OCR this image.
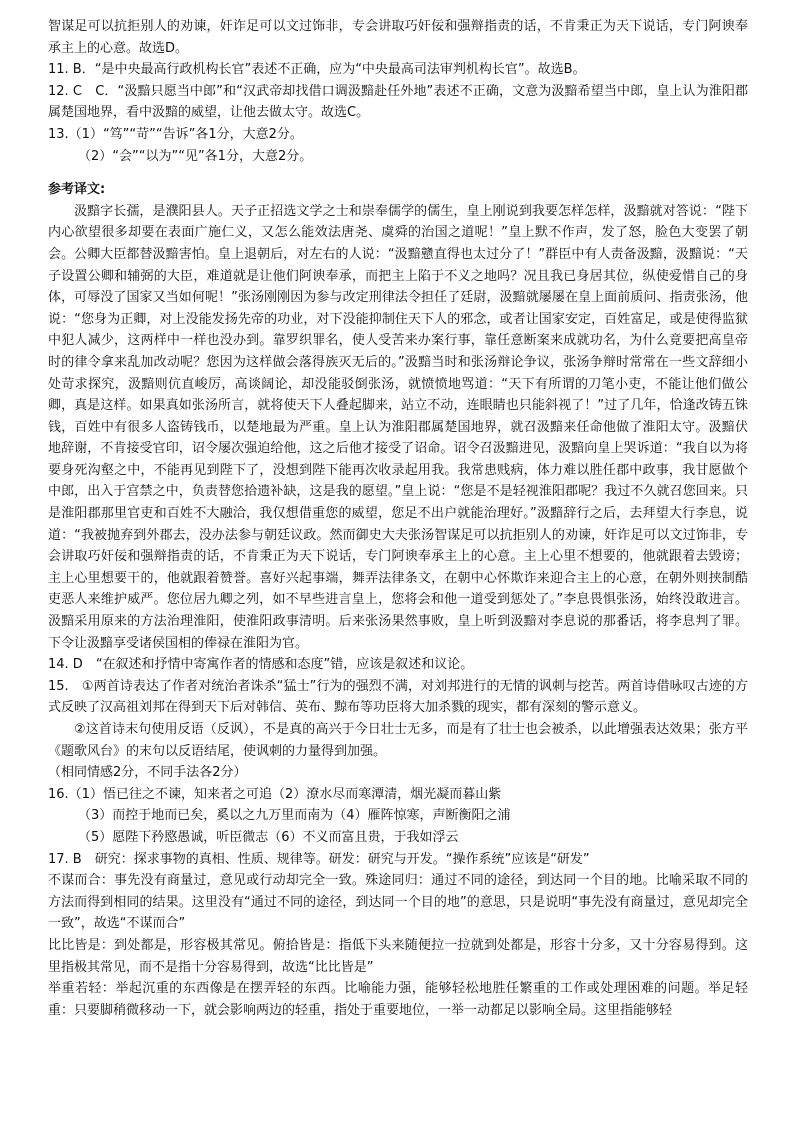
智谋足可以抗拒别人的劝谏，奸诈足可以文过饰非，专会讲取巧奸佞和强辩指责的话，不肯秉正为天下说话，专门阿谀奉承主上的心意。故选D。

11. B．“是中央最高行政机构长官”表述不正确，应为“中央最高司法审判机构长官”。故选B。

12. C　C．“汲黯只愿当中郎”和“汉武帝却找借口调汲黯赴任外地”表述不正确，文意为汲黯希望当中郎，皇上认为淮阳郡属楚国地界，看中汲黯的威望，让他去做太守。故选C。

13.（1）“笃”“苛”“告诉”各1分，大意2分。

（2）“会”“以为”“见”各1分，大意2分。

参考译文:

汲黯字长孺，是濮阳县人。天子正招选文学之士和崇奉儒学的儒生，皇上刚说到我要怎样怎样，汲黯就对答说：“陛下内心欲望很多却要在表面广施仁义，又怎么能效法唐尧、虞舜的治国之道呢！”皇上默不作声，发了怒，脸色大变罢了朝会。公卿大臣都替汲黯害怕。皇上退朝后，对左右的人说：“汲黯戆直得也太过分了！”群臣中有人责备汲黯，汲黯说：“天子设置公卿和辅弼的大臣，难道就是让他们阿谀奉承，而把主上陷于不义之地吗？况且我已身居其位，纵使爱惜自己的身体，可辱没了国家又当如何呢！”张汤刚刚因为参与改定刑律法令担任了廷尉，汲黯就屡屡在皇上面前质问、指责张汤，他说：“您身为正卿，对上没能发扬先帝的功业，对下没能抑制住天下人的邪念，或者让国家安定，百姓富足，或是使得监狱中犯人减少，这两样中一样也没办到。靠罗织罪名，使人受苦来办案行事，靠任意断案来成就功名，为什么竟要把高皇帝时的律令拿来乱加改动呢？您因为这样做会落得族灭无后的。”汲黯当时和张汤辩论争议，张汤争辩时常常在一些文辞细小处苛求探究，汲黯则伉直峻厉，高谈阔论，却没能驳倒张汤，就愤愤地骂道：“天下有所谓的刀笔小吏，不能让他们做公卿，真是这样。如果真如张汤所言，就将使天下人叠起脚来，站立不动，连眼睛也只能斜视了！”过了几年，恰逢改铸五铢钱，百姓中有很多人盗铸钱币，以楚地最为严重。皇上认为淮阳郡属楚国地界，就召汲黯来任命他做了淮阳太守。汲黯伏地辞谢，不肯接受官印，诏令屡次强迫给他，这之后他才接受了诏命。诏令召汲黯进见，汲黯向皇上哭诉道：“我自以为将要身死沟壑之中，不能再见到陛下了，没想到陛下能再次收录起用我。我常患贱病，体力难以胜任郡中政事，我甘愿做个中郎，出入于宫禁之中，负责替您拾遗补缺，这是我的愿望。”皇上说：“您是不是轻视淮阳郡呢？我过不久就召您回来。只是淮阳郡那里官吏和百姓不大融洽，我仅想借重您的威望，您足不出户就能治理好。”汲黯辞行之后，去拜望大行李息，说道：“我被抛弃到外郡去，没办法参与朝廷议政。然而御史大夫张汤智谋足可以抗拒别人的劝谏，奸诈足可以文过饰非，专会讲取巧奸佞和强辩指责的话，不肯秉正为天下说话，专门阿谀奉承主上的心意。主上心里不想要的，他就跟着去毁谤；主上心里想要干的，他就跟着赞誉。喜好兴起事端，舞弄法律条文，在朝中心怀欺诈来迎合主上的心意，在朝外则挟制酷吏恶人来维护威严。您位居九卿之列，如不早些进言皇上，您将会和他一道受到惩处了。”李息畏惧张汤，始终没敢进言。汲黯采用原来的方法治理淮阳，使淮阳政事清明。后来张汤果然事败，皇上听到汲黯对李息说的那番话，将李息判了罪。下令让汲黯享受诸侯国相的俸禄在淮阳为官。

14. D　“在叙述和抒情中寄寓作者的情感和态度”错，应该是叙述和议论。

15.　①两首诗表达了作者对统治者诛杀“猛士”行为的强烈不满，对刘邦进行的无情的讽刺与挖苦。两首诗借咏叹古迹的方式反映了汉高祖刘邦在得到天下后对韩信、英布、黥布等功臣将大加杀戮的现实，都有深刻的警示意义。

②这首诗末句使用反语（反讽），不是真的高兴于今日壮士无多，而是有了壮士也会被杀，以此增强表达效果；张方平《题歌风台》的末句以反语结尾，使讽刺的力量得到加强。

（相同情感2分，不同手法各2分）

16.（1）悟已往之不谏，知来者之可追（2）潦水尽而寒潭清，烟光凝而暮山紫

（3）而控于地而已矣，奚以之九万里而南为（4）雁阵惊寒，声断衡阳之浦

（5）愿陛下矜愍愚诚，听臣微志（6）不义而富且贵，于我如浮云

17. B　研究：探求事物的真相、性质、规律等。研发：研究与开发。“操作系统”应该是“研发”

不谋而合：事先没有商量过，意见或行动却完全一致。殊途同归：通过不同的途径，到达同一个目的地。比喻采取不同的方法而得到相同的结果。这里没有“通过不同的途径，到达同一个目的地”的意思，只是说明“事先没有商量过，意见却完全一致”，故选“不谋而合”

比比皆是：到处都是，形容极其常见。俯拾皆是：指低下头来随便拉一拉就到处都是，形容十分多，又十分容易得到。这里指极其常见，而不是指十分容易得到，故选“比比皆是”

举重若轻：举起沉重的东西像是在摆弄轻的东西。比喻能力强，能够轻松地胜任繁重的工作或处理困难的问题。举足轻重：只要脚稍微移动一下，就会影响两边的轻重，指处于重要地位，一举一动都足以影响全局。这里指能够轻
